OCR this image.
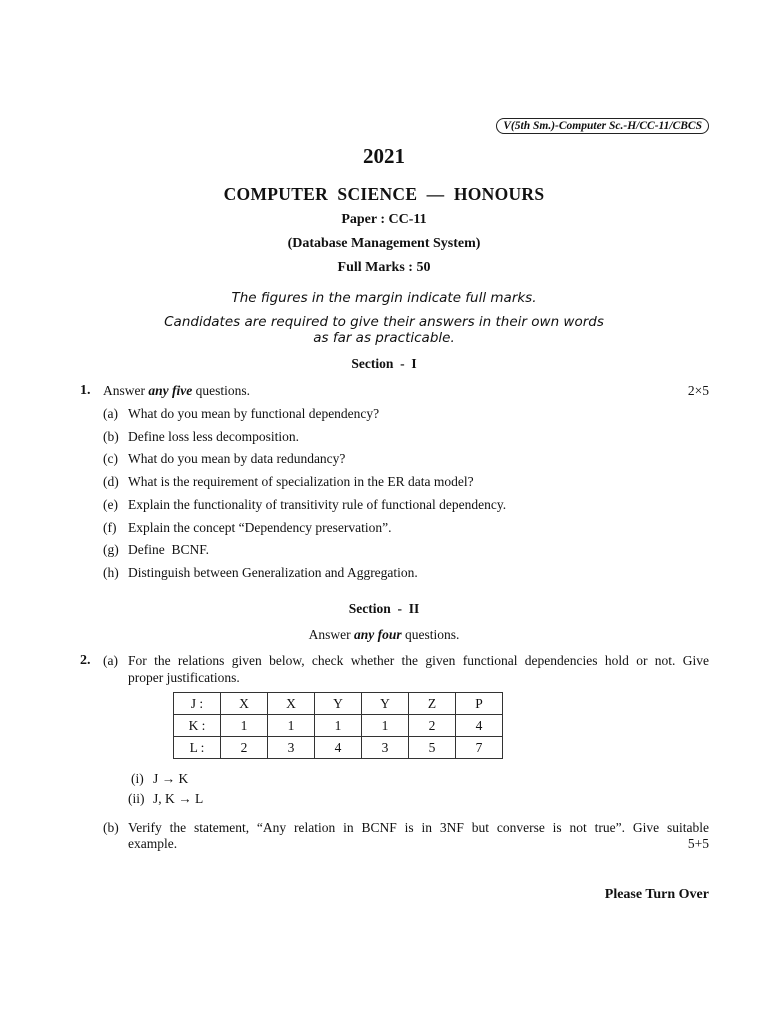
V(5th Sm.)-Computer Sc.-H/CC-11/CBCS
2021
COMPUTER  SCIENCE  —  HONOURS
Paper : CC-11
(Database Management System)
Full Marks : 50
The figures in the margin indicate full marks.
Candidates are required to give their answers in their own words
as far as practicable.
Section  -  I
1. Answer any five questions.	2×5
(a) What do you mean by functional dependency?
(b) Define loss less decomposition.
(c) What do you mean by data redundancy?
(d) What is the requirement of specialization in the ER data model?
(e) Explain the functionality of transitivity rule of functional dependency.
(f) Explain the concept “Dependency preservation”.
(g) Define  BCNF.
(h) Distinguish between Generalization and Aggregation.
Section  -  II
Answer any four questions.
2. (a) For the relations given below, check whether the given functional dependencies hold or not. Give
proper justifications.
J :	X	X	Y	Y	Z	P
K :	1	1	1	1	2	4
L :	2	3	4	3	5	7
(i) J → K
(ii) J, K → L
(b) Verify the statement, “Any relation in BCNF is in 3NF but converse is not true”. Give suitable
example.	5+5
Please Turn Over
